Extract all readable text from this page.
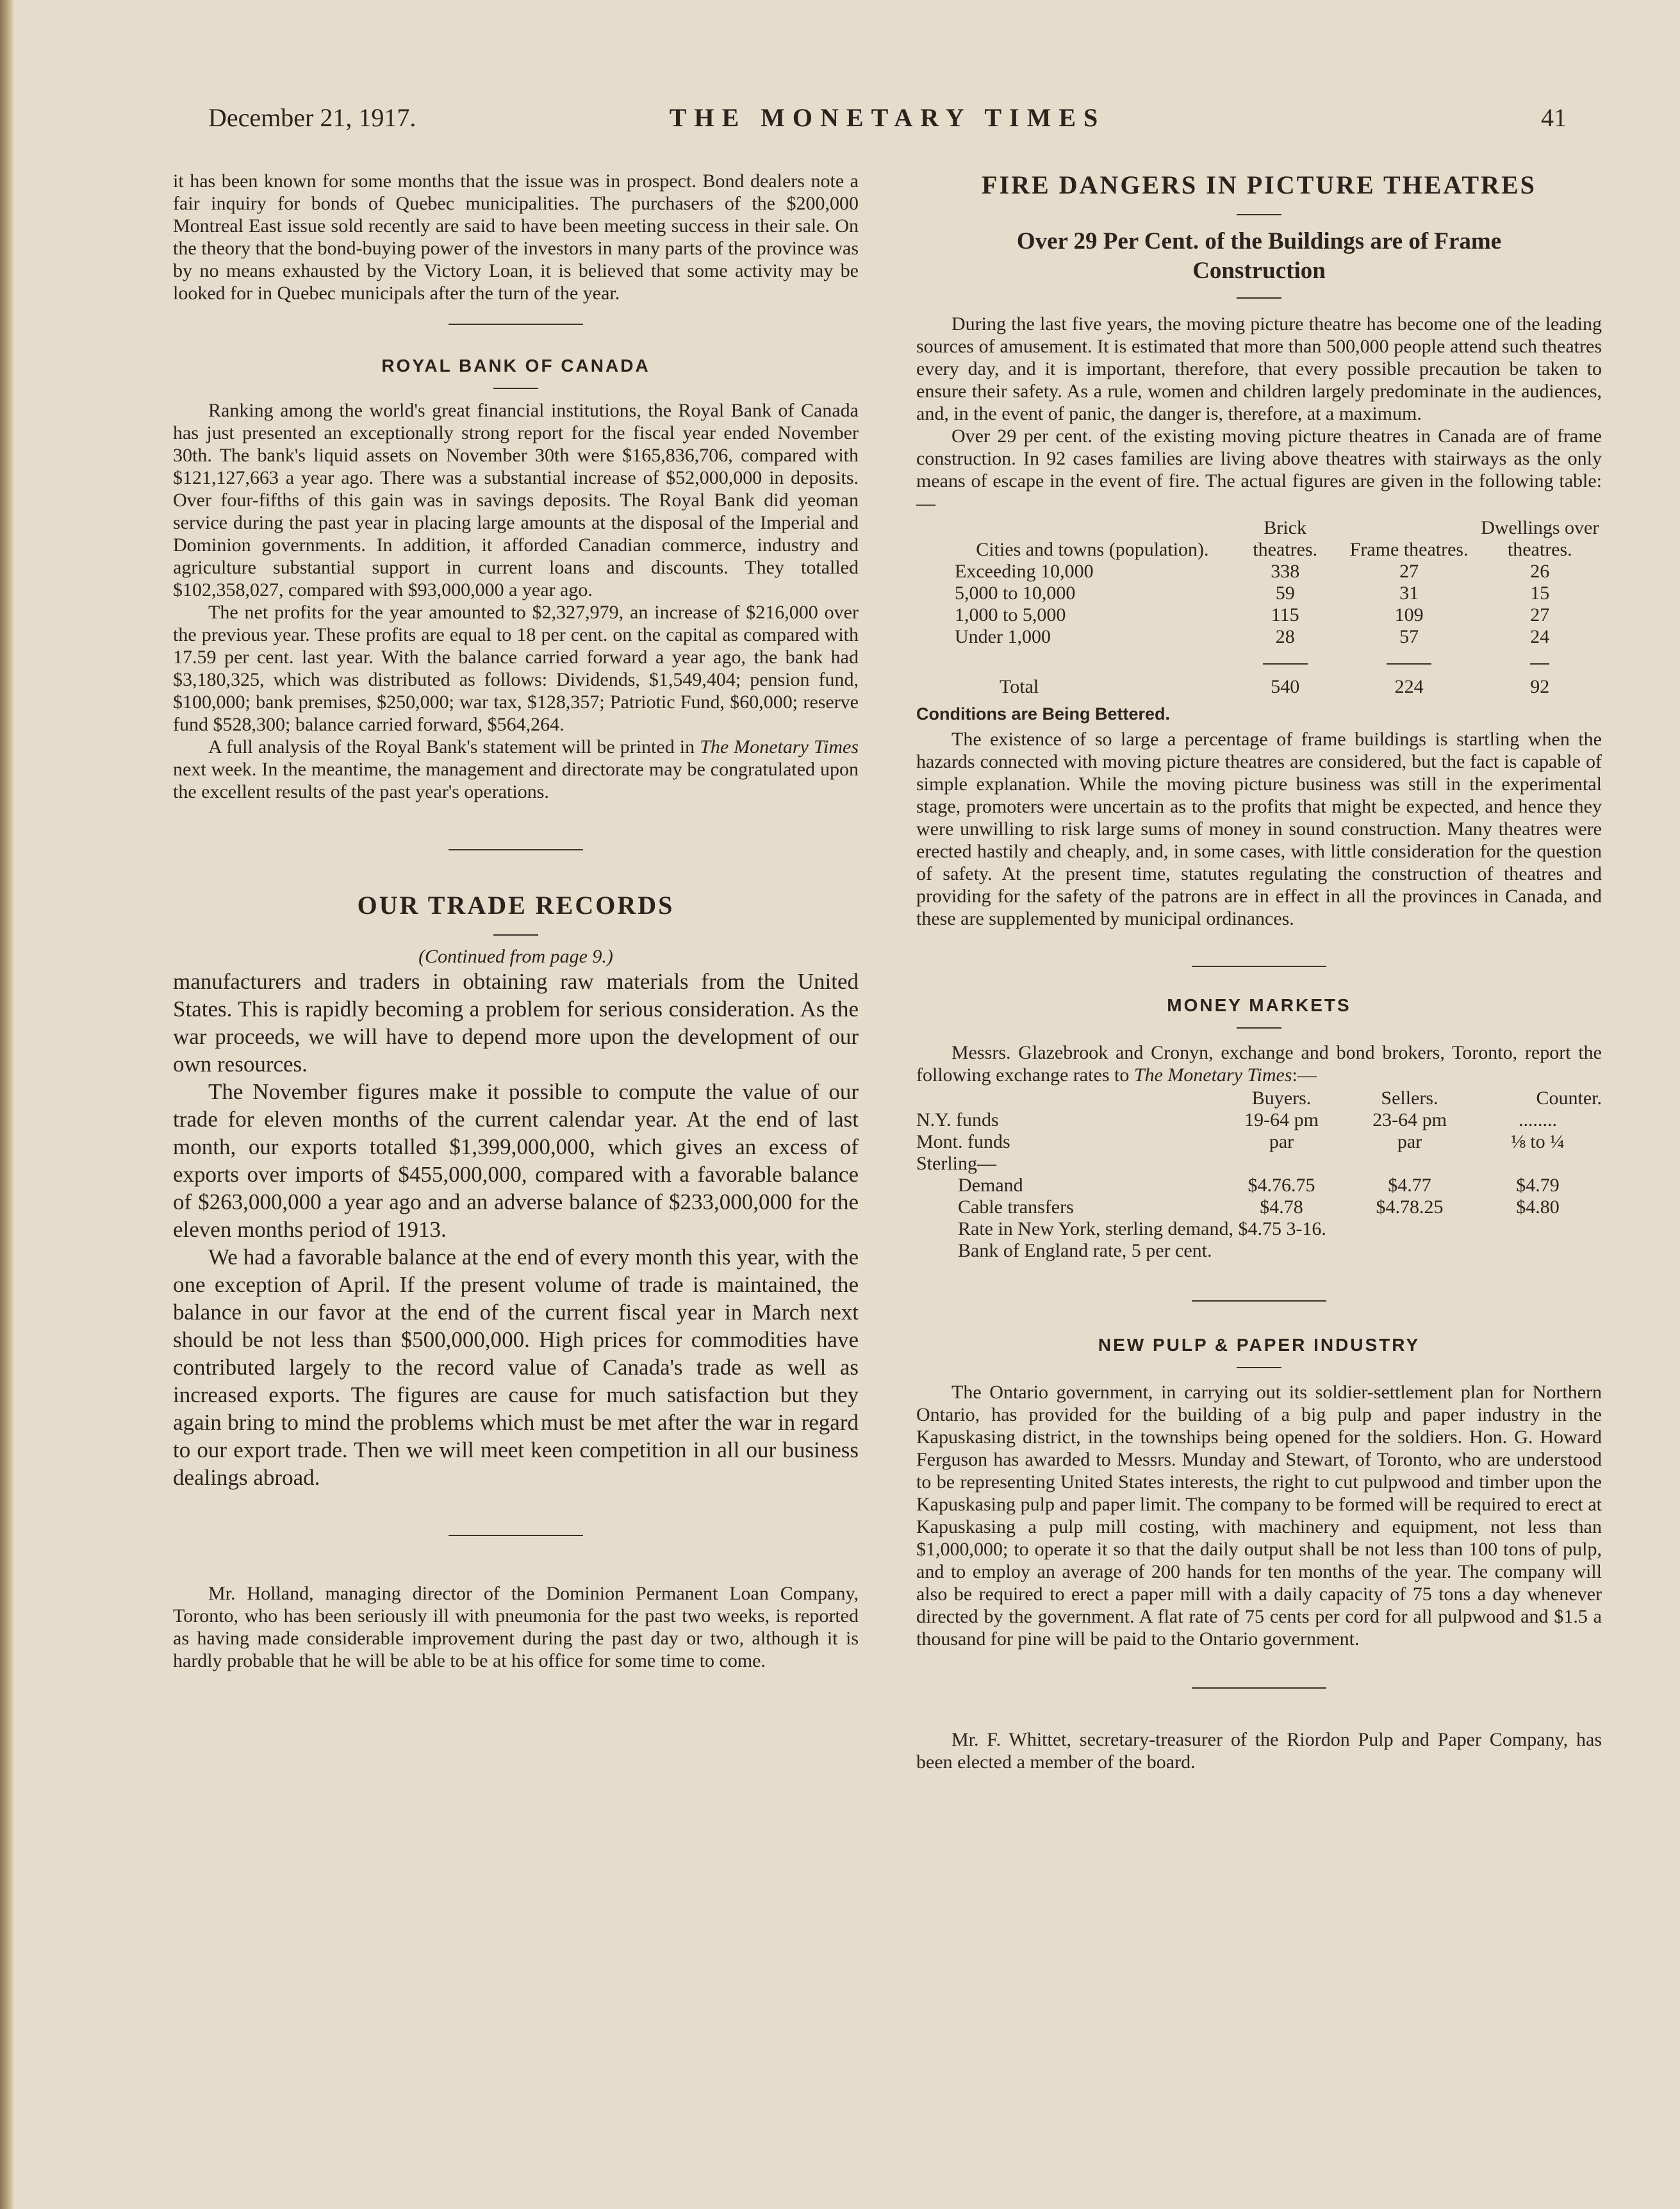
December 21, 1917.	THE MONETARY TIMES	41

it has been known for some months that the issue was in prospect. Bond dealers note a fair inquiry for bonds of Quebec municipalities. The purchasers of the $200,000 Montreal East issue sold recently are said to have been meeting success in their sale. On the theory that the bond-buying power of the investors in many parts of the province was by no means exhausted by the Victory Loan, it is believed that some activity may be looked for in Quebec municipals after the turn of the year.

ROYAL BANK OF CANADA

Ranking among the world's great financial institutions, the Royal Bank of Canada has just presented an exceptionally strong report for the fiscal year ended November 30th. The bank's liquid assets on November 30th were $165,836,706, compared with $121,127,663 a year ago. There was a substantial increase of $52,000,000 in deposits. Over four-fifths of this gain was in savings deposits. The Royal Bank did yeoman service during the past year in placing large amounts at the disposal of the Imperial and Dominion governments. In addition, it afforded Canadian commerce, industry and agriculture substantial support in current loans and discounts. They totalled $102,358,027, compared with $93,000,000 a year ago.

The net profits for the year amounted to $2,327,979, an increase of $216,000 over the previous year. These profits are equal to 18 per cent. on the capital as compared with 17.59 per cent. last year. With the balance carried forward a year ago, the bank had $3,180,325, which was distributed as follows: Dividends, $1,549,404; pension fund, $100,000; bank premises, $250,000; war tax, $128,357; Patriotic Fund, $60,000; reserve fund $528,300; balance carried forward, $564,264.

A full analysis of the Royal Bank's statement will be printed in The Monetary Times next week. In the meantime, the management and directorate may be congratulated upon the excellent results of the past year's operations.

OUR TRADE RECORDS

(Continued from page 9.)

manufacturers and traders in obtaining raw materials from the United States. This is rapidly becoming a problem for serious consideration. As the war proceeds, we will have to depend more upon the development of our own resources.

The November figures make it possible to compute the value of our trade for eleven months of the current calendar year. At the end of last month, our exports totalled $1,399,000,000, which gives an excess of exports over imports of $455,000,000, compared with a favorable balance of $263,000,000 a year ago and an adverse balance of $233,000,000 for the eleven months period of 1913.

We had a favorable balance at the end of every month this year, with the one exception of April. If the present volume of trade is maintained, the balance in our favor at the end of the current fiscal year in March next should be not less than $500,000,000. High prices for commodities have contributed largely to the record value of Canada's trade as well as increased exports. The figures are cause for much satisfaction but they again bring to mind the problems which must be met after the war in regard to our export trade. Then we will meet keen competition in all our business dealings abroad.

Mr. Holland, managing director of the Dominion Permanent Loan Company, Toronto, who has been seriously ill with pneumonia for the past two weeks, is reported as having made considerable improvement during the past day or two, although it is hardly probable that he will be able to be at his office for some time to come.

FIRE DANGERS IN PICTURE THEATRES
Over 29 Per Cent. of the Buildings are of Frame Construction

During the last five years, the moving picture theatre has become one of the leading sources of amusement. It is estimated that more than 500,000 people attend such theatres every day, and it is important, therefore, that every possible precaution be taken to ensure their safety. As a rule, women and children largely predominate in the audiences, and, in the event of panic, the danger is, therefore, at a maximum.

Over 29 per cent. of the existing moving picture theatres in Canada are of frame construction. In 92 cases families are living above theatres with stairways as the only means of escape in the event of fire. The actual figures are given in the following table:—

Cities and towns (population).	Brick theatres.	Frame theatres.	Dwellings over theatres.
Exceeding 10,000	338	27	26
5,000 to 10,000	59	31	15
1,000 to 5,000	115	109	27
Under 1,000	28	57	24

Total	540	224	92

Conditions are Being Bettered.

The existence of so large a percentage of frame buildings is startling when the hazards connected with moving picture theatres are considered, but the fact is capable of simple explanation. While the moving picture business was still in the experimental stage, promoters were uncertain as to the profits that might be expected, and hence they were unwilling to risk large sums of money in sound construction. Many theatres were erected hastily and cheaply, and, in some cases, with little consideration for the question of safety. At the present time, statutes regulating the construction of theatres and providing for the safety of the patrons are in effect in all the provinces in Canada, and these are supplemented by municipal ordinances.

MONEY MARKETS

Messrs. Glazebrook and Cronyn, exchange and bond brokers, Toronto, report the following exchange rates to The Monetary Times:—

	Buyers.	Sellers.	Counter.
N.Y. funds	19-64 pm	23-64 pm	........
Mont. funds	par	par	⅛ to ¼
Sterling—			
Demand	$4.76.75	$4.77	$4.79
Cable transfers	$4.78	$4.78.25	$4.80
Rate in New York, sterling demand, $4.75 3-16.			
Bank of England rate, 5 per cent.			
NEW PULP & PAPER INDUSTRY

The Ontario government, in carrying out its soldier-settlement plan for Northern Ontario, has provided for the building of a big pulp and paper industry in the Kapuskasing district, in the townships being opened for the soldiers. Hon. G. Howard Ferguson has awarded to Messrs. Munday and Stewart, of Toronto, who are understood to be representing United States interests, the right to cut pulpwood and timber upon the Kapuskasing pulp and paper limit. The company to be formed will be required to erect at Kapuskasing a pulp mill costing, with machinery and equipment, not less than $1,000,000; to operate it so that the daily output shall be not less than 100 tons of pulp, and to employ an average of 200 hands for ten months of the year. The company will also be required to erect a paper mill with a daily capacity of 75 tons a day whenever directed by the government. A flat rate of 75 cents per cord for all pulpwood and $1.5 a thousand for pine will be paid to the Ontario government.

Mr. F. Whittet, secretary-treasurer of the Riordon Pulp and Paper Company, has been elected a member of the board.
